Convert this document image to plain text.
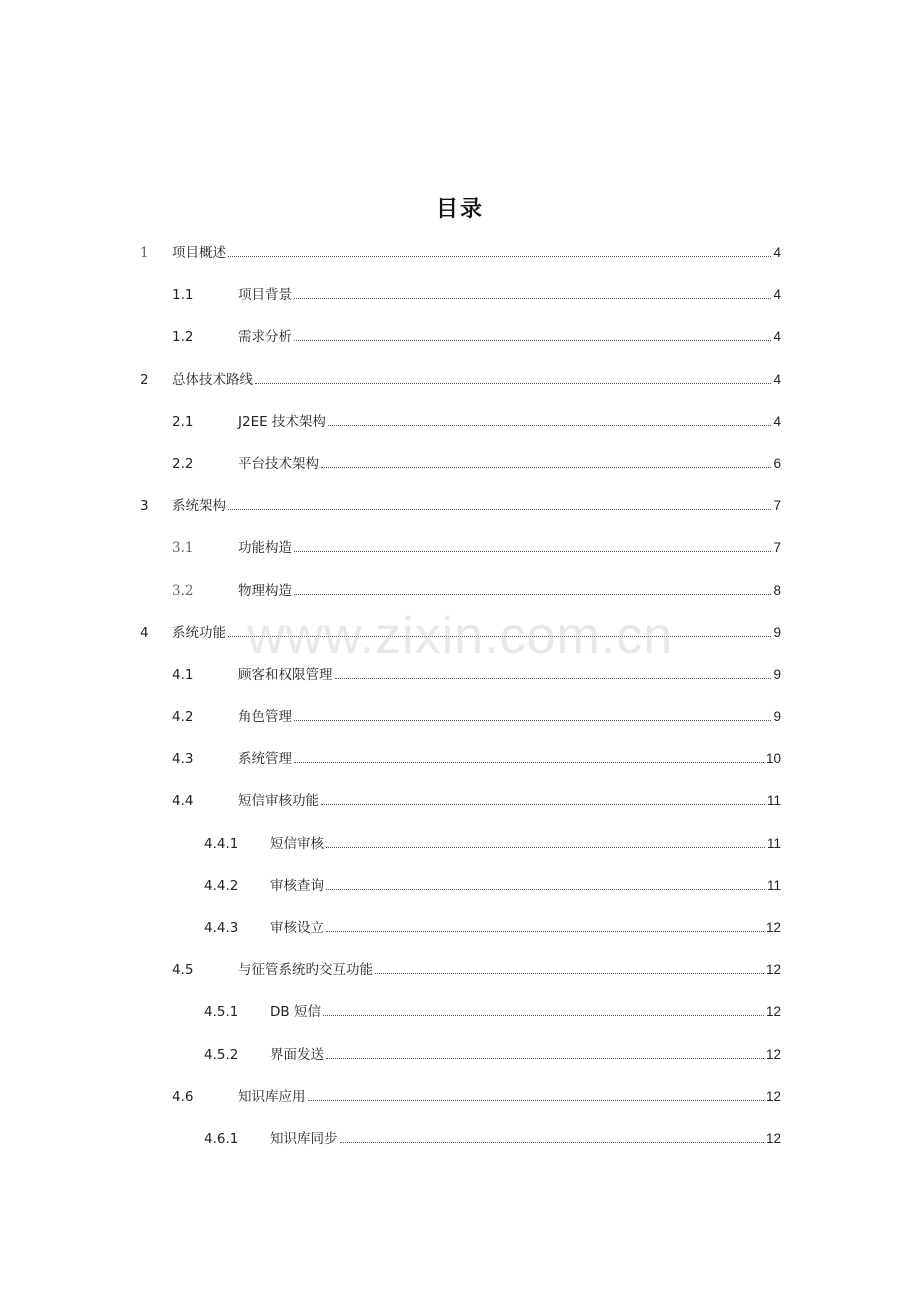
目录
1 项目概述	4
1.1	项目背景	4
1.2	需求分析	4
2 总体技术路线	4
2.1	J2EE 技术架构	4
2.2	平台技术架构	6
3 系统架构	7
3.1	功能构造	7
3.2	物理构造	8
4 系统功能	9
4.1	顾客和权限管理	9
4.2	角色管理	9
4.3	系统管理	10
4.4	短信审核功能	11
4.4.1 短信审核	11
4.4.2 审核查询	11
4.4.3 审核设立	12
4.5	与征管系统旳交互功能	12
4.5.1 DB 短信	12
4.5.2 界面发送	12
4.6	知识库应用	12
4.6.1 知识库同步	12
www.zixin.com.cn
